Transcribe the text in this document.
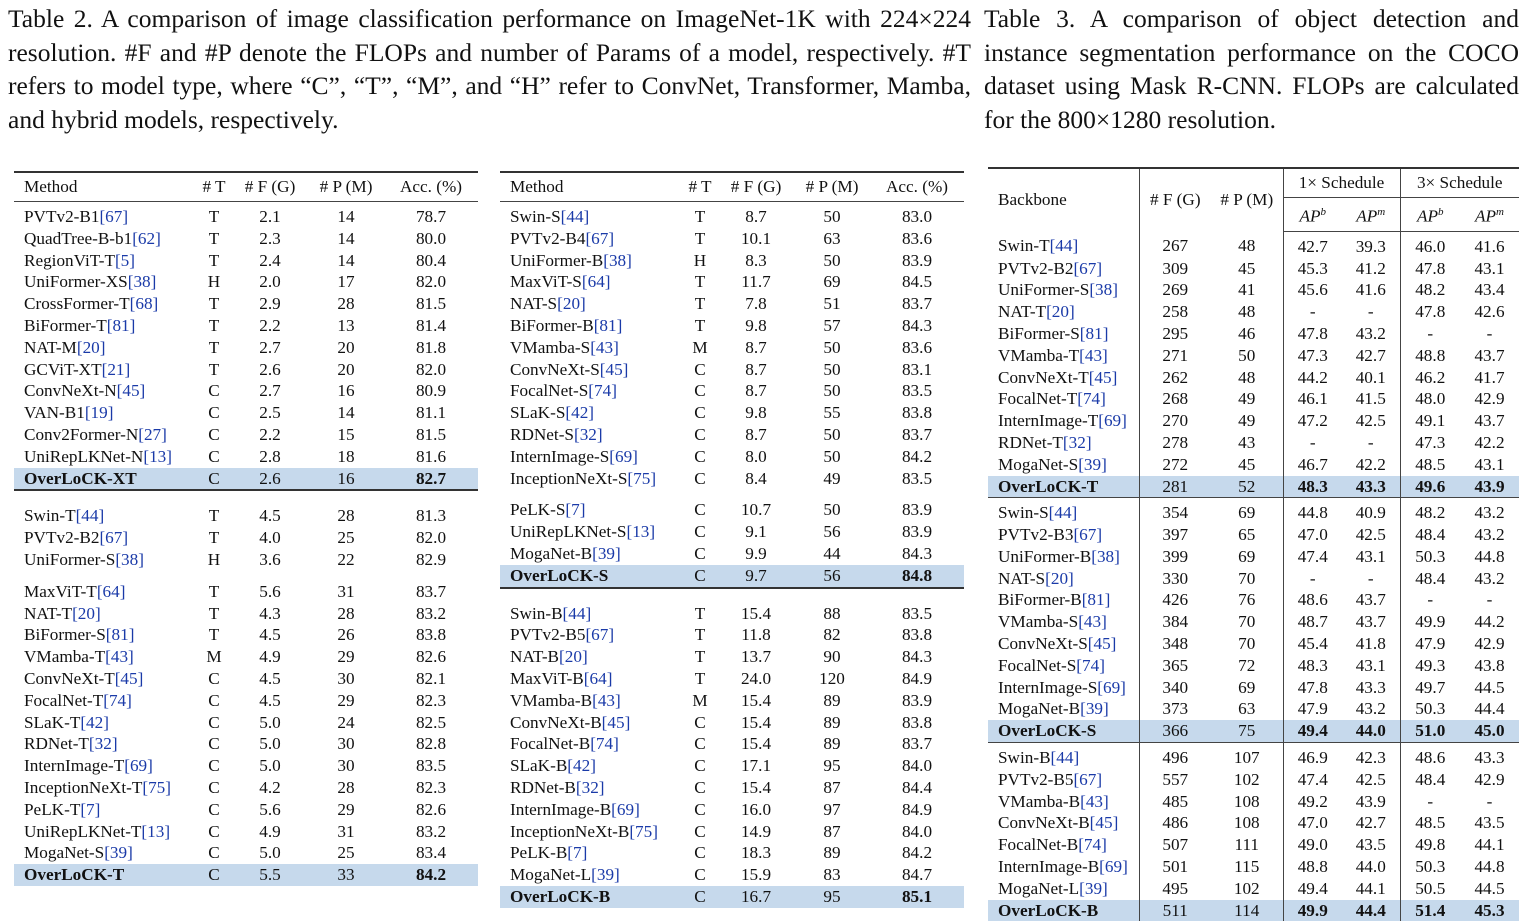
Table 2. A comparison of image classification performance on ImageNet-1K with 224×224 resolution. #F and #P denote the FLOPs and number of Params of a model, respectively. #T refers to model type, where “C”, “T”, “M”, and “H” refer to ConvNet, Transformer, Mamba, and hybrid models, respectively.
Table 3. A comparison of object detection and instance segmentation performance on the COCO dataset using Mask R-CNN. FLOPs are calculated for the 800×1280 resolution.
Method	# T	# F (G)	# P (M)	Acc. (%)
PVTv2-B1[67]	T	2.1	14	78.7
QuadTree-B-b1[62]	T	2.3	14	80.0
RegionViT-T[5]	T	2.4	14	80.4
UniFormer-XS[38]	H	2.0	17	82.0
CrossFormer-T[68]	T	2.9	28	81.5
BiFormer-T[81]	T	2.2	13	81.4
NAT-M[20]	T	2.7	20	81.8
GCViT-XT[21]	T	2.6	20	82.0
ConvNeXt-N[45]	C	2.7	16	80.9
VAN-B1[19]	C	2.5	14	81.1
Conv2Former-N[27]	C	2.2	15	81.5
UniRepLKNet-N[13]	C	2.8	18	81.6
OverLoCK-XT	C	2.6	16	82.7

Swin-T[44]	T	4.5	28	81.3
PVTv2-B2[67]	T	4.0	25	82.0
UniFormer-S[38]	H	3.6	22	82.9

MaxViT-T[64]	T	5.6	31	83.7
NAT-T[20]	T	4.3	28	83.2
BiFormer-S[81]	T	4.5	26	83.8
VMamba-T[43]	M	4.9	29	82.6
ConvNeXt-T[45]	C	4.5	30	82.1
FocalNet-T[74]	C	4.5	29	82.3
SLaK-T[42]	C	5.0	24	82.5
RDNet-T[32]	C	5.0	30	82.8
InternImage-T[69]	C	5.0	30	83.5
InceptionNeXt-T[75]	C	4.2	28	82.3
PeLK-T[7]	C	5.6	29	82.6
UniRepLKNet-T[13]	C	4.9	31	83.2
MogaNet-S[39]	C	5.0	25	83.4
OverLoCK-T	C	5.5	33	84.2
Method	# T	# F (G)	# P (M)	Acc. (%)
Swin-S[44]	T	8.7	50	83.0
PVTv2-B4[67]	T	10.1	63	83.6
UniFormer-B[38]	H	8.3	50	83.9
MaxViT-S[64]	T	11.7	69	84.5
NAT-S[20]	T	7.8	51	83.7
BiFormer-B[81]	T	9.8	57	84.3
VMamba-S[43]	M	8.7	50	83.6
ConvNeXt-S[45]	C	8.7	50	83.1
FocalNet-S[74]	C	8.7	50	83.5
SLaK-S[42]	C	9.8	55	83.8
RDNet-S[32]	C	8.7	50	83.7
InternImage-S[69]	C	8.0	50	84.2
InceptionNeXt-S[75]	C	8.4	49	83.5

PeLK-S[7]	C	10.7	50	83.9
UniRepLKNet-S[13]	C	9.1	56	83.9
MogaNet-B[39]	C	9.9	44	84.3
OverLoCK-S	C	9.7	56	84.8

Swin-B[44]	T	15.4	88	83.5
PVTv2-B5[67]	T	11.8	82	83.8
NAT-B[20]	T	13.7	90	84.3
MaxViT-B[64]	T	24.0	120	84.9
VMamba-B[43]	M	15.4	89	83.9
ConvNeXt-B[45]	C	15.4	89	83.8
FocalNet-B[74]	C	15.4	89	83.7
SLaK-B[42]	C	17.1	95	84.0
RDNet-B[32]	C	15.4	87	84.4
InternImage-B[69]	C	16.0	97	84.9
InceptionNeXt-B[75]	C	14.9	87	84.0
PeLK-B[7]	C	18.3	89	84.2
MogaNet-L[39]	C	15.9	83	84.7
OverLoCK-B	C	16.7	95	85.1
Backbone	# F (G)	# P (M)	1× Schedule		3× Schedule	
			$AP^b$	$AP^m$	$AP^b$	$AP^m$
Swin-T[44]	267	48	42.7	39.3	46.0	41.6
PVTv2-B2[67]	309	45	45.3	41.2	47.8	43.1
UniFormer-S[38]	269	41	45.6	41.6	48.2	43.4
NAT-T[20]	258	48	-	-	47.8	42.6
BiFormer-S[81]	295	46	47.8	43.2	-	-
VMamba-T[43]	271	50	47.3	42.7	48.8	43.7
ConvNeXt-T[45]	262	48	44.2	40.1	46.2	41.7
FocalNet-T[74]	268	49	46.1	41.5	48.0	42.9
InternImage-T[69]	270	49	47.2	42.5	49.1	43.7
RDNet-T[32]	278	43	-	-	47.3	42.2
MogaNet-S[39]	272	45	46.7	42.2	48.5	43.1
OverLoCK-T	281	52	48.3	43.3	49.6	43.9
Swin-S[44]	354	69	44.8	40.9	48.2	43.2
PVTv2-B3[67]	397	65	47.0	42.5	48.4	43.2
UniFormer-B[38]	399	69	47.4	43.1	50.3	44.8
NAT-S[20]	330	70	-	-	48.4	43.2
BiFormer-B[81]	426	76	48.6	43.7	-	-
VMamba-S[43]	384	70	48.7	43.7	49.9	44.2
ConvNeXt-S[45]	348	70	45.4	41.8	47.9	42.9
FocalNet-S[74]	365	72	48.3	43.1	49.3	43.8
InternImage-S[69]	340	69	47.8	43.3	49.7	44.5
MogaNet-B[39]	373	63	47.9	43.2	50.3	44.4
OverLoCK-S	366	75	49.4	44.0	51.0	45.0
Swin-B[44]	496	107	46.9	42.3	48.6	43.3
PVTv2-B5[67]	557	102	47.4	42.5	48.4	42.9
VMamba-B[43]	485	108	49.2	43.9	-	-
ConvNeXt-B[45]	486	108	47.0	42.7	48.5	43.5
FocalNet-B[74]	507	111	49.0	43.5	49.8	44.1
InternImage-B[69]	501	115	48.8	44.0	50.3	44.8
MogaNet-L[39]	495	102	49.4	44.1	50.5	44.5
OverLoCK-B	511	114	49.9	44.4	51.4	45.3
